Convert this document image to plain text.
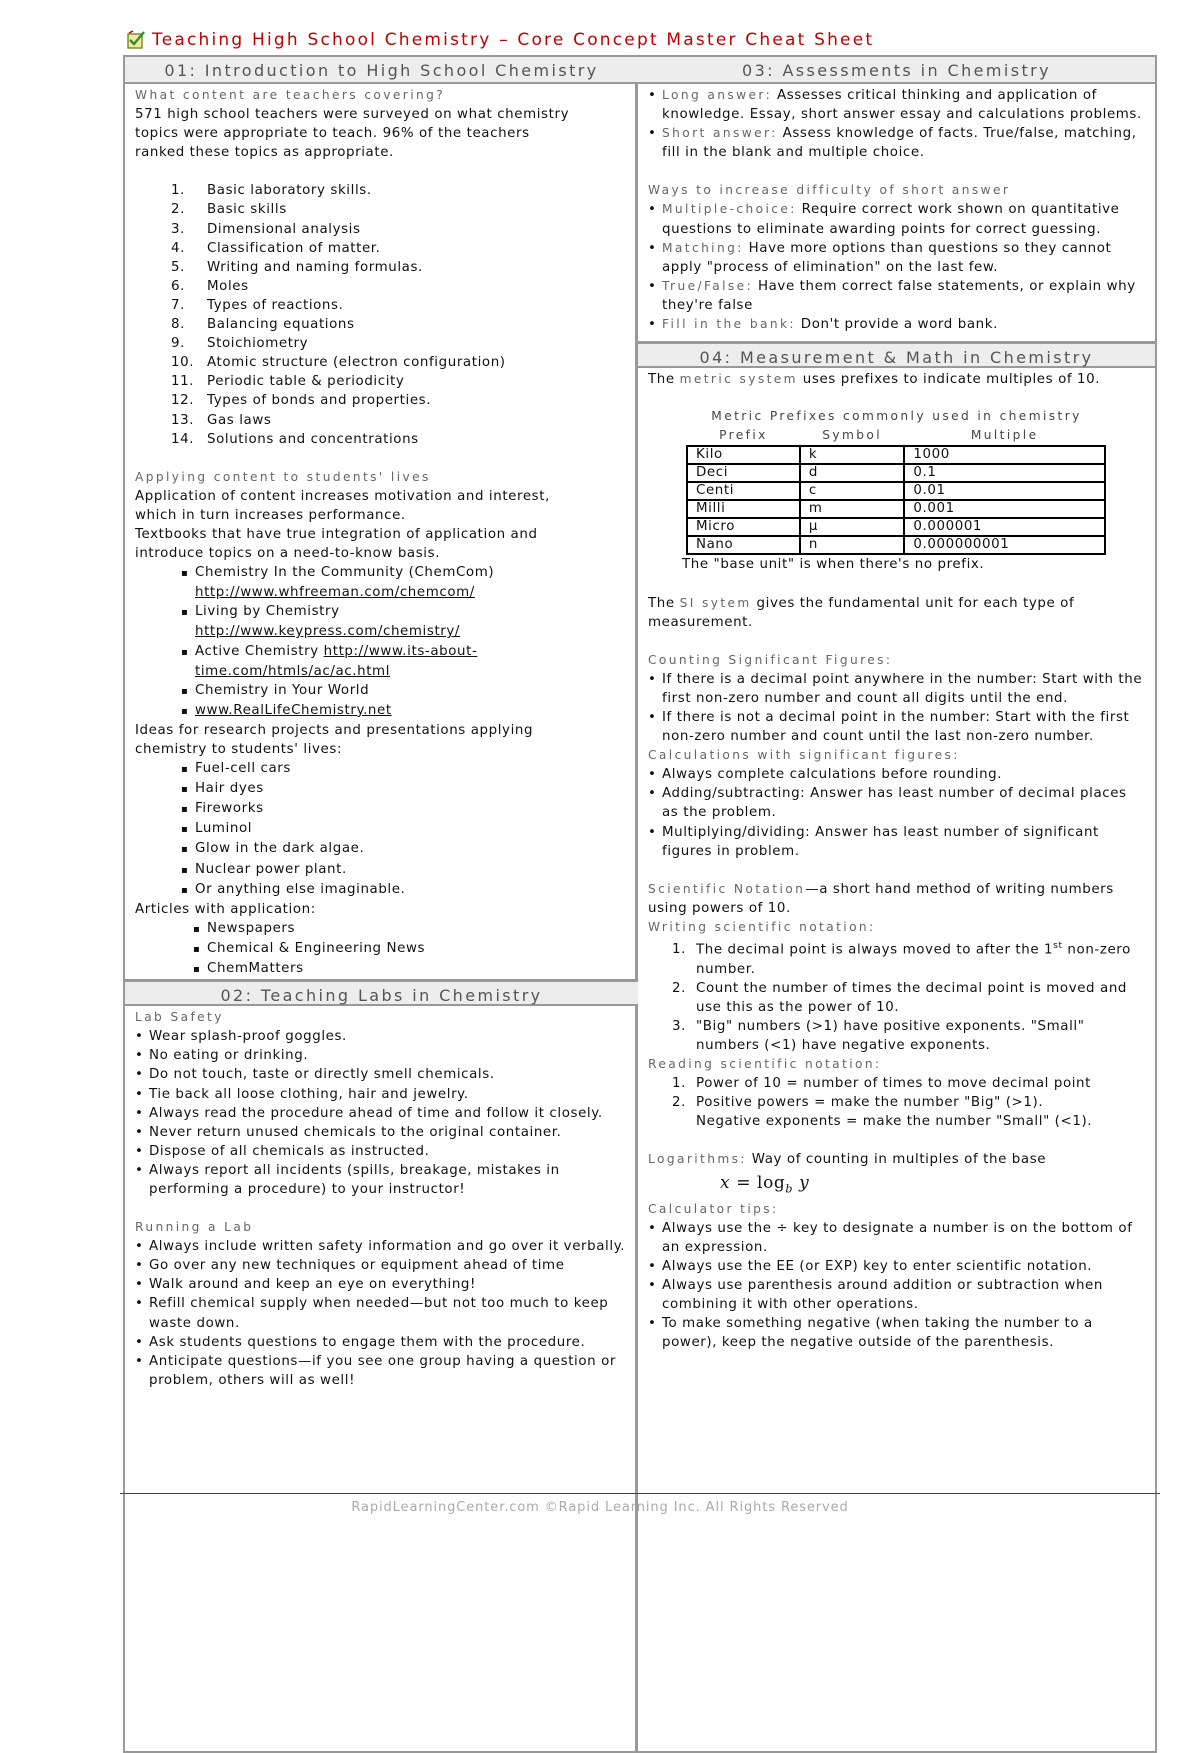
Teaching High School Chemistry – Core Concept Master Cheat Sheet
01: Introduction to High School Chemistry
What content are teachers covering?
571 high school teachers were surveyed on what chemistry
topics were appropriate to teach. 96% of the teachers
ranked these topics as appropriate.
1. Basic laboratory skills.
2. Basic skills
3. Dimensional analysis
4. Classification of matter.
5. Writing and naming formulas.
6. Moles
7. Types of reactions.
8. Balancing equations
9. Stoichiometry
10. Atomic structure (electron configuration)
11. Periodic table & periodicity
12. Types of bonds and properties.
13. Gas laws
14. Solutions and concentrations
Applying content to students' lives
Application of content increases motivation and interest,
which in turn increases performance.
Textbooks that have true integration of application and
introduce topics on a need-to-know basis.
▪ Chemistry In the Community (ChemCom)
http://www.whfreeman.com/chemcom/
▪ Living by Chemistry
http://www.keypress.com/chemistry/
▪ Active Chemistry http://www.its-about-
time.com/htmls/ac/ac.html
▪ Chemistry in Your World
▪ www.RealLifeChemistry.net
Ideas for research projects and presentations applying
chemistry to students' lives:
▪ Fuel-cell cars
▪ Hair dyes
▪ Fireworks
▪ Luminol
▪ Glow in the dark algae.
▪ Nuclear power plant.
▪ Or anything else imaginable.
Articles with application:
▪ Newspapers
▪ Chemical & Engineering News
▪ ChemMatters
02: Teaching Labs in Chemistry
Lab Safety
• Wear splash-proof goggles.
• No eating or drinking.
• Do not touch, taste or directly smell chemicals.
• Tie back all loose clothing, hair and jewelry.
• Always read the procedure ahead of time and follow it closely.
• Never return unused chemicals to the original container.
• Dispose of all chemicals as instructed.
• Always report all incidents (spills, breakage, mistakes in performing a procedure) to your instructor!
Running a Lab
• Always include written safety information and go over it verbally.
• Go over any new techniques or equipment ahead of time
• Walk around and keep an eye on everything!
• Refill chemical supply when needed—but not too much to keep waste down.
• Ask students questions to engage them with the procedure.
• Anticipate questions—if you see one group having a question or problem, others will as well!
03: Assessments in Chemistry
• Long answer: Assesses critical thinking and application of knowledge. Essay, short answer essay and calculations problems.
• Short answer: Assess knowledge of facts. True/false, matching, fill in the blank and multiple choice.
Ways to increase difficulty of short answer
• Multiple-choice: Require correct work shown on quantitative questions to eliminate awarding points for correct guessing.
• Matching: Have more options than questions so they cannot apply "process of elimination" on the last few.
• True/False: Have them correct false statements, or explain why they're false
• Fill in the bank: Don't provide a word bank.
04: Measurement & Math in Chemistry
The metric system uses prefixes to indicate multiples of 10.
Metric Prefixes commonly used in chemistry
Prefix	Symbol	Multiple
Kilo	k	1000
Deci	d	0.1
Centi	c	0.01
Milli	m	0.001
Micro	μ	0.000001
Nano	n	0.000000001
The "base unit" is when there's no prefix.
The SI sytem gives the fundamental unit for each type of measurement.
Counting Significant Figures:
• If there is a decimal point anywhere in the number: Start with the first non-zero number and count all digits until the end.
• If there is not a decimal point in the number: Start with the first non-zero number and count until the last non-zero number.
Calculations with significant figures:
• Always complete calculations before rounding.
• Adding/subtracting: Answer has least number of decimal places as the problem.
• Multiplying/dividing: Answer has least number of significant figures in problem.
Scientific Notation—a short hand method of writing numbers using powers of 10.
Writing scientific notation:
1. The decimal point is always moved to after the 1st non-zero number.
2. Count the number of times the decimal point is moved and use this as the power of 10.
3. "Big" numbers (>1) have positive exponents. "Small" numbers (<1) have negative exponents.
Reading scientific notation:
1. Power of 10 = number of times to move decimal point
2. Positive powers = make the number "Big" (>1).
Negative exponents = make the number "Small" (<1).
Logarithms: Way of counting in multiples of the base
$x = \log_b y$
Calculator tips:
• Always use the ÷ key to designate a number is on the bottom of an expression.
• Always use the EE (or EXP) key to enter scientific notation.
• Always use parenthesis around addition or subtraction when combining it with other operations.
• To make something negative (when taking the number to a power), keep the negative outside of the parenthesis.
RapidLearningCenter.com ©Rapid Learning Inc. All Rights Reserved
